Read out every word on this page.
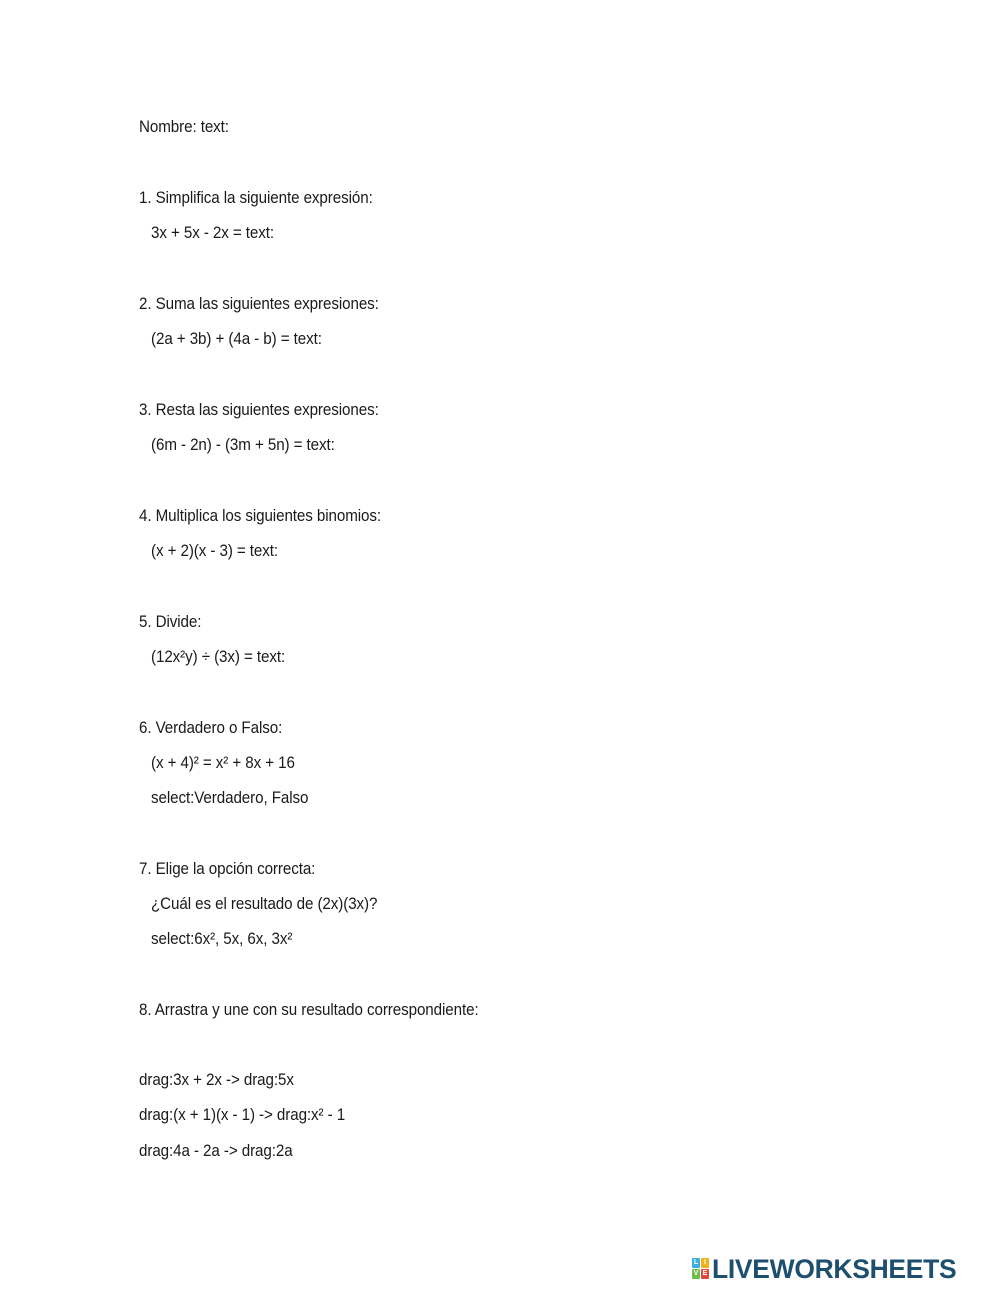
Nombre: text:
1. Simplifica la siguiente expresión:
3x + 5x - 2x = text:
2. Suma las siguientes expresiones:
(2a + 3b) + (4a - b) = text:
3. Resta las siguientes expresiones:
(6m - 2n) - (3m + 5n) = text:
4. Multiplica los siguientes binomios:
(x + 2)(x - 3) = text:
5. Divide:
(12x²y) ÷ (3x) = text:
6. Verdadero o Falso:
(x + 4)² = x² + 8x + 16
select:Verdadero, Falso
7. Elige la opción correcta:
¿Cuál es el resultado de (2x)(3x)?
select:6x², 5x, 6x, 3x²
8. Arrastra y une con su resultado correspondiente:
drag:3x + 2x -> drag:5x
drag:(x + 1)(x - 1) -> drag:x² - 1
drag:4a - 2a -> drag:2a
L I
V E LIVEWORKSHEETS
